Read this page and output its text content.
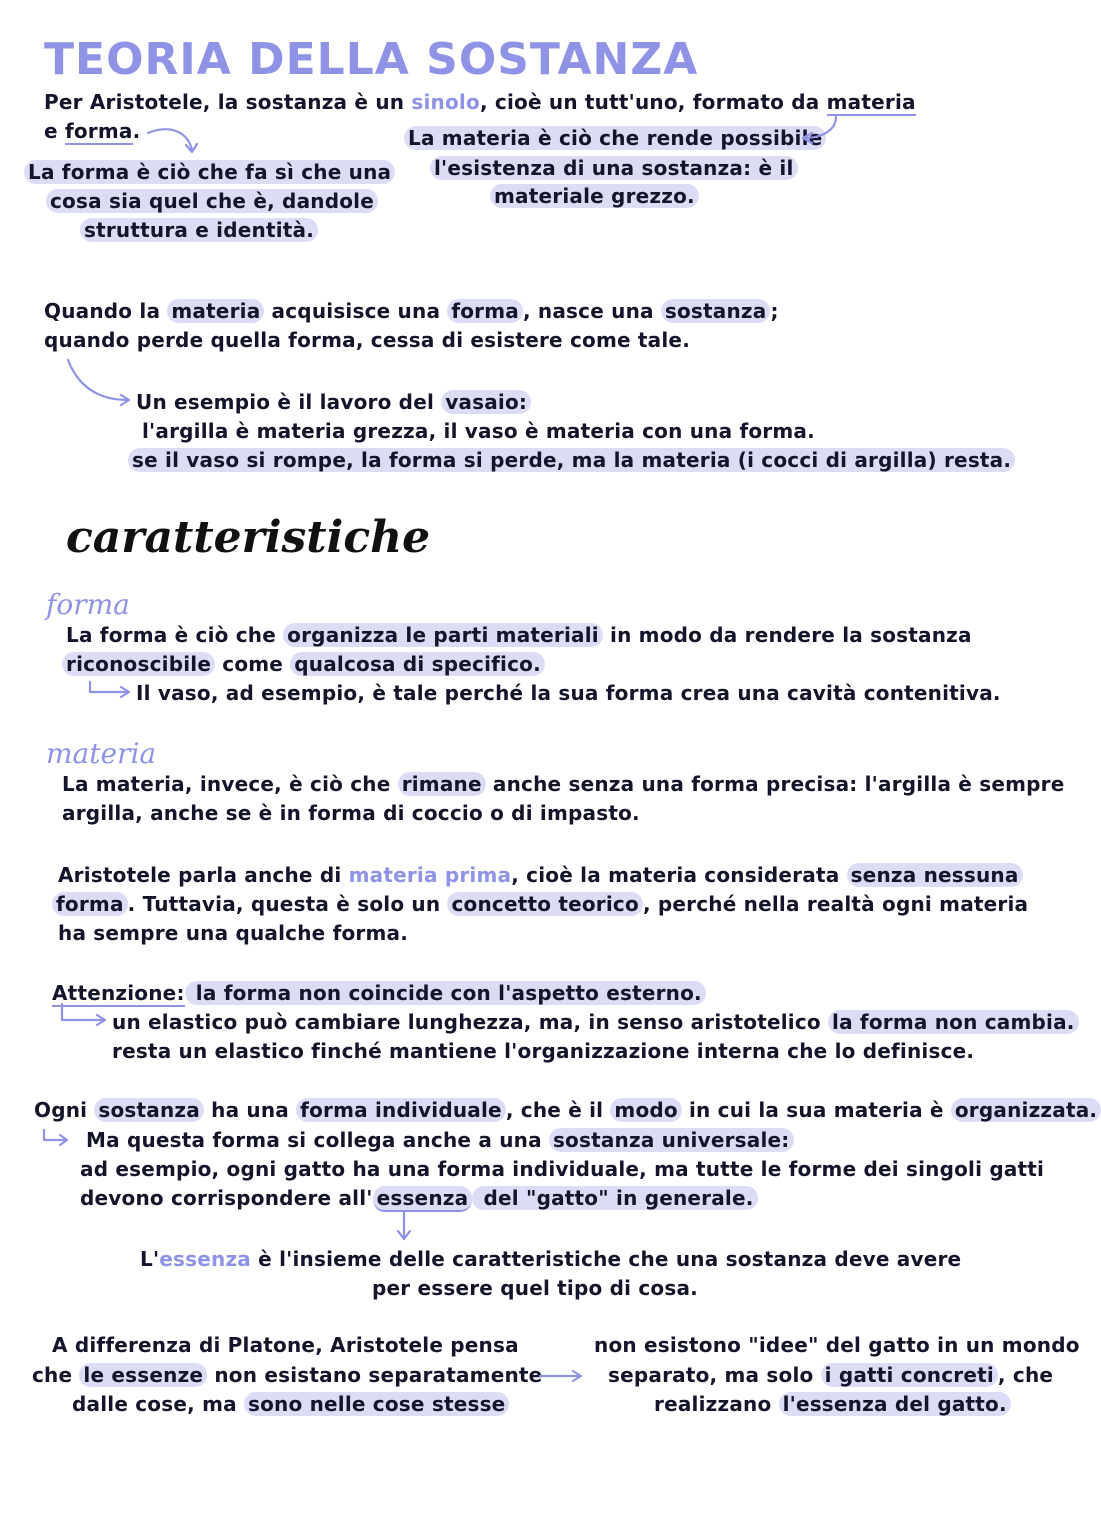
TEORIA DELLA SOSTANZA
Per Aristotele, la sostanza è un sinolo, cioè un tutt'uno, formato da materia
e forma.	La materia è ciò che rende possibile
l'esistenza di una sostanza: è il
materiale grezzo.
La forma è ciò che fa sì che una
cosa sia quel che è, dandole
struttura e identità.
Quando la materia acquisisce una forma , nasce una sostanza ;
quando perde quella forma, cessa di esistere come tale.
Un esempio è il lavoro del vasaio:
l'argilla è materia grezza, il vaso è materia con una forma.
se il vaso si rompe, la forma si perde, ma la materia (i cocci di argilla) resta.
caratteristiche
forma
La forma è ciò che organizza le parti materiali in modo da rendere la sostanza
riconoscibile come qualcosa di specifico.
Il vaso, ad esempio, è tale perché la sua forma crea una cavità contenitiva.
materia
La materia, invece, è ciò che rimane anche senza una forma precisa: l'argilla è sempre
argilla, anche se è in forma di coccio o di impasto.
Aristotele parla anche di materia prima, cioè la materia considerata senza nessuna
forma . Tuttavia, questa è solo un concetto teorico , perché nella realtà ogni materia
ha sempre una qualche forma.
Attenzione: la forma non coincide con l'aspetto esterno.
un elastico può cambiare lunghezza, ma, in senso aristotelico la forma non cambia.
resta un elastico finché mantiene l'organizzazione interna che lo definisce.
Ogni sostanza ha una forma individuale , che è il modo in cui la sua materia è organizzata.
Ma questa forma si collega anche a una sostanza universale:
ad esempio, ogni gatto ha una forma individuale, ma tutte le forme dei singoli gatti
devono corrispondere all' essenza del "gatto" in generale.
L'essenza è l'insieme delle caratteristiche che una sostanza deve avere
per essere quel tipo di cosa.
A differenza di Platone, Aristotele pensa
che le essenze non esistano separatamente
dalle cose, ma sono nelle cose stesse
non esistono "idee" del gatto in un mondo
separato, ma solo i gatti concreti , che
realizzano l'essenza del gatto.
